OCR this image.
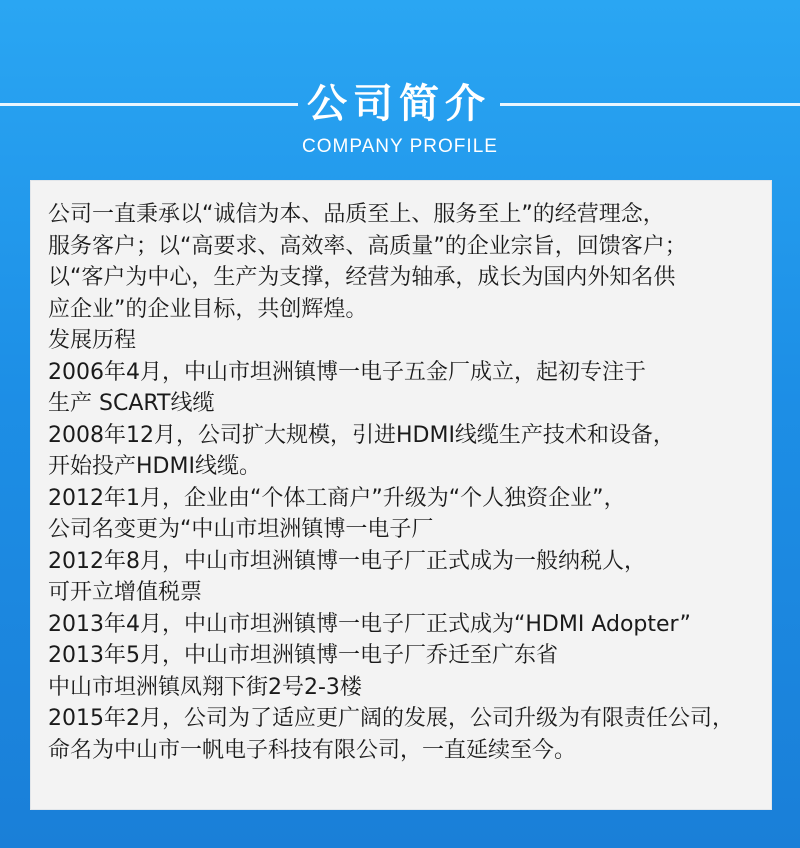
公司简介
COMPANY PROFILE
公司一直秉承以“诚信为本、品质至上、服务至上”的经营理念，
服务客户；以“高要求、高效率、高质量”的企业宗旨，回馈客户；
以“客户为中心，生产为支撑，经营为轴承，成长为国内外知名供
应企业”的企业目标，共创辉煌。
发展历程
2006年4月，中山市坦洲镇博一电子五金厂成立，起初专注于
生产 SCART线缆
2008年12月，公司扩大规模，引进HDMI线缆生产技术和设备，
开始投产HDMI线缆。
2012年1月，企业由“个体工商户”升级为“个人独资企业”，
公司名变更为“中山市坦洲镇博一电子厂
2012年8月，中山市坦洲镇博一电子厂正式成为一般纳税人，
可开立增值税票
2013年4月，中山市坦洲镇博一电子厂正式成为“HDMI Adopter”
2013年5月，中山市坦洲镇博一电子厂乔迁至广东省
中山市坦洲镇凤翔下街2号2-3楼
2015年2月，公司为了适应更广阔的发展，公司升级为有限责任公司，
命名为中山市一帆电子科技有限公司，一直延续至今。
